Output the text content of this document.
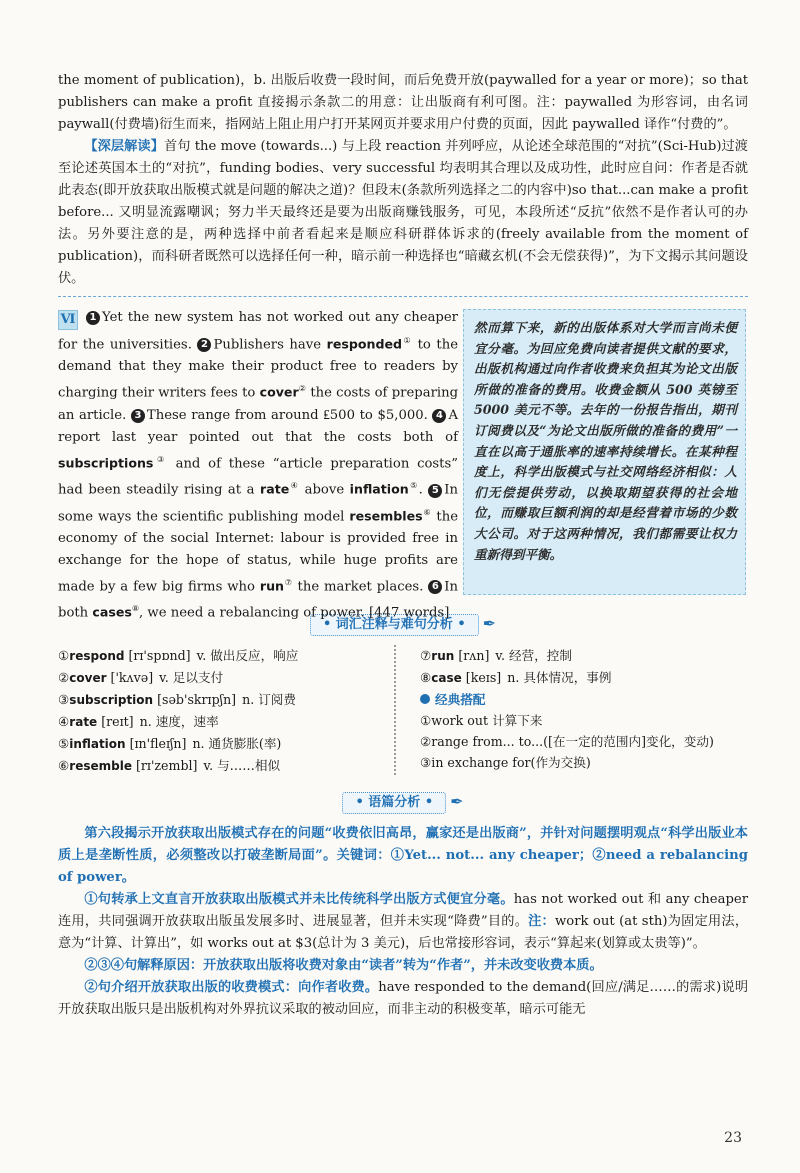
the moment of publication)，b. 出版后收费一段时间，而后免费开放(paywalled for a year or more)；so that publishers can make a profit 直接揭示条款二的用意：让出版商有利可图。注：paywalled 为形容词，由名词 paywall(付费墙)衍生而来，指网站上阻止用户打开某网页并要求用户付费的页面，因此 paywalled 译作“付费的”。

【深层解读】首句 the move (towards...) 与上段 reaction 并列呼应，从论述全球范围的“对抗”(Sci-Hub)过渡至论述英国本土的“对抗”，funding bodies、very successful 均表明其合理以及成功性，此时应自问：作者是否就此表态(即开放获取出版模式就是问题的解决之道)？但段末(条款所列选择之二的内容中)so that...can make a profit before... 又明显流露嘲讽；努力半天最终还是要为出版商赚钱服务，可见，本段所述“反抗”依然不是作者认可的办法。另外要注意的是，两种选择中前者看起来是顺应科研群体诉求的(freely available from the moment of publication)，而科研者既然可以选择任何一种，暗示前一种选择也“暗藏玄机(不会无偿获得)”，为下文揭示其问题设伏。

Ⅵ 1 Yet the new system has not worked out any cheaper for the universities. 2 Publishers have responded① to the demand that they make their product free to readers by charging their writers fees to cover② the costs of preparing an article. 3 These range from around ₤500 to $5,000. 4 A report last year pointed out that the costs both of subscriptions③ and of these “article preparation costs” had been steadily rising at a rate④ above inflation⑤. 5 In some ways the scientific publishing model resembles⑥ the economy of the social Internet: labour is provided free in exchange for the hope of status, while huge profits are made by a few big firms who run⑦ the market places. 6 In both cases⑧, we need a rebalancing of power. [447 words]
然而算下来，新的出版体系对大学而言尚未便宜分毫。为回应免费向读者提供文献的要求，出版机构通过向作者收费来负担其为论文出版所做的准备的费用。收费金额从 500 英镑至 5000 美元不等。去年的一份报告指出，期刊订阅费以及“为论文出版所做的准备的费用”一直在以高于通胀率的速率持续增长。在某种程度上，科学出版模式与社交网络经济相似：人们无偿提供劳动，以换取期望获得的社会地位，而赚取巨额利润的却是经营着市场的少数大公司。对于这两种情况，我们都需要让权力重新得到平衡。
• 词汇注释与难句分析 • ✒
①respond [rɪ'spɒnd] v. 做出反应，响应
②cover ['kʌvə] v. 足以支付
③subscription [səb'skrɪpʃn] n. 订阅费
④rate [reɪt] n. 速度，速率
⑤inflation [ɪn'fleɪʃn] n. 通货膨胀(率)
⑥resemble [rɪ'zembl] v. 与……相似
⑦run [rʌn] v. 经营，控制
⑧case [keɪs] n. 具体情况，事例
经典搭配
①work out 计算下来
②range from... to...([在一定的范围内]变化，变动)
③in exchange for(作为交换)
• 语篇分析 • ✒

第六段揭示开放获取出版模式存在的问题“收费依旧高昂，赢家还是出版商”，并针对问题摆明观点“科学出版业本质上是垄断性质，必须整改以打破垄断局面”。关键词：①Yet... not... any cheaper；②need a rebalancing of power。

①句转承上文直言开放获取出版模式并未比传统科学出版方式便宜分毫。has not worked out 和 any cheaper 连用，共同强调开放获取出版虽发展多时、进展显著，但并未实现“降费”目的。注：work out (at sth)为固定用法，意为“计算、计算出”，如 works out at $3(总计为 3 美元)，后也常接形容词，表示“算起来(划算或太贵等)”。

②③④句解释原因：开放获取出版将收费对象由“读者”转为“作者”，并未改变收费本质。

②句介绍开放获取出版的收费模式：向作者收费。have responded to the demand(回应/满足……的需求)说明开放获取出版只是出版机构对外界抗议采取的被动回应，而非主动的积极变革，暗示可能无

23
